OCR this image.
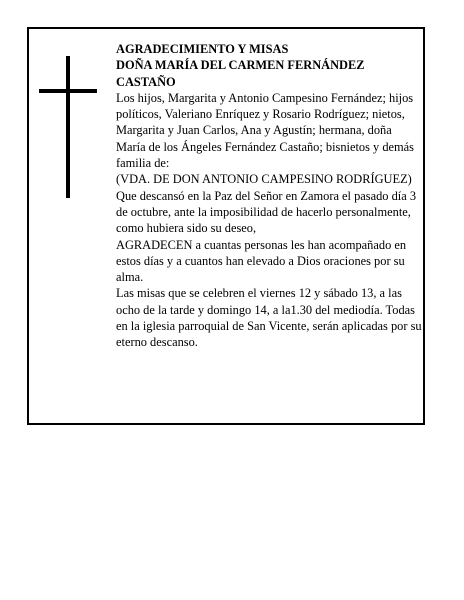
AGRADECIMIENTO Y MISAS

DOÑA MARÍA DEL CARMEN FERNÁNDEZ CASTAÑO

Los hijos, Margarita y Antonio Campesino Fernández; hijos políticos, Valeriano Enríquez y Rosario Rodríguez; nietos, Margarita y Juan Carlos, Ana y Agustín; hermana, doña María de los Ángeles Fernández Castaño; bisnietos y demás familia de:

(VDA. DE DON ANTONIO CAMPESINO RODRÍGUEZ)

Que descansó en la Paz del Señor en Zamora el pasado día 3 de octubre, ante la imposibilidad de hacerlo personalmente, como hubiera sido su deseo,

AGRADECEN a cuantas personas les han acompañado en estos días y a cuantos han elevado a Dios oraciones por su alma.

Las misas que se celebren el viernes 12 y sábado 13, a las ocho de la tarde y domingo 14, a la1.30 del mediodía. Todas en la iglesia parroquial de San Vicente, serán aplicadas por su eterno descanso.
